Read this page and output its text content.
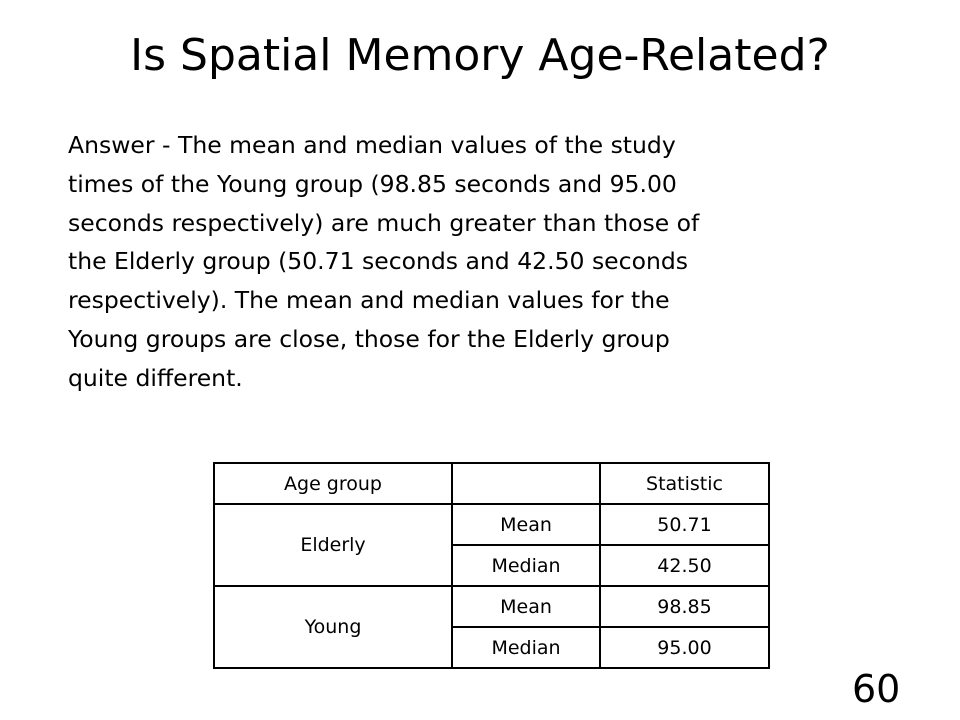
Is Spatial Memory Age-Related?
Answer - The mean and median values of the study
times of the Young group (98.85 seconds and 95.00
seconds respectively) are much greater than those of
the Elderly group (50.71 seconds and 42.50 seconds
respectively). The mean and median values for the
Young groups are close, those for the Elderly group
quite different.
Age group		Statistic
Elderly	Mean	50.71
	Median	42.50
Young	Mean	98.85
	Median	95.00
60
